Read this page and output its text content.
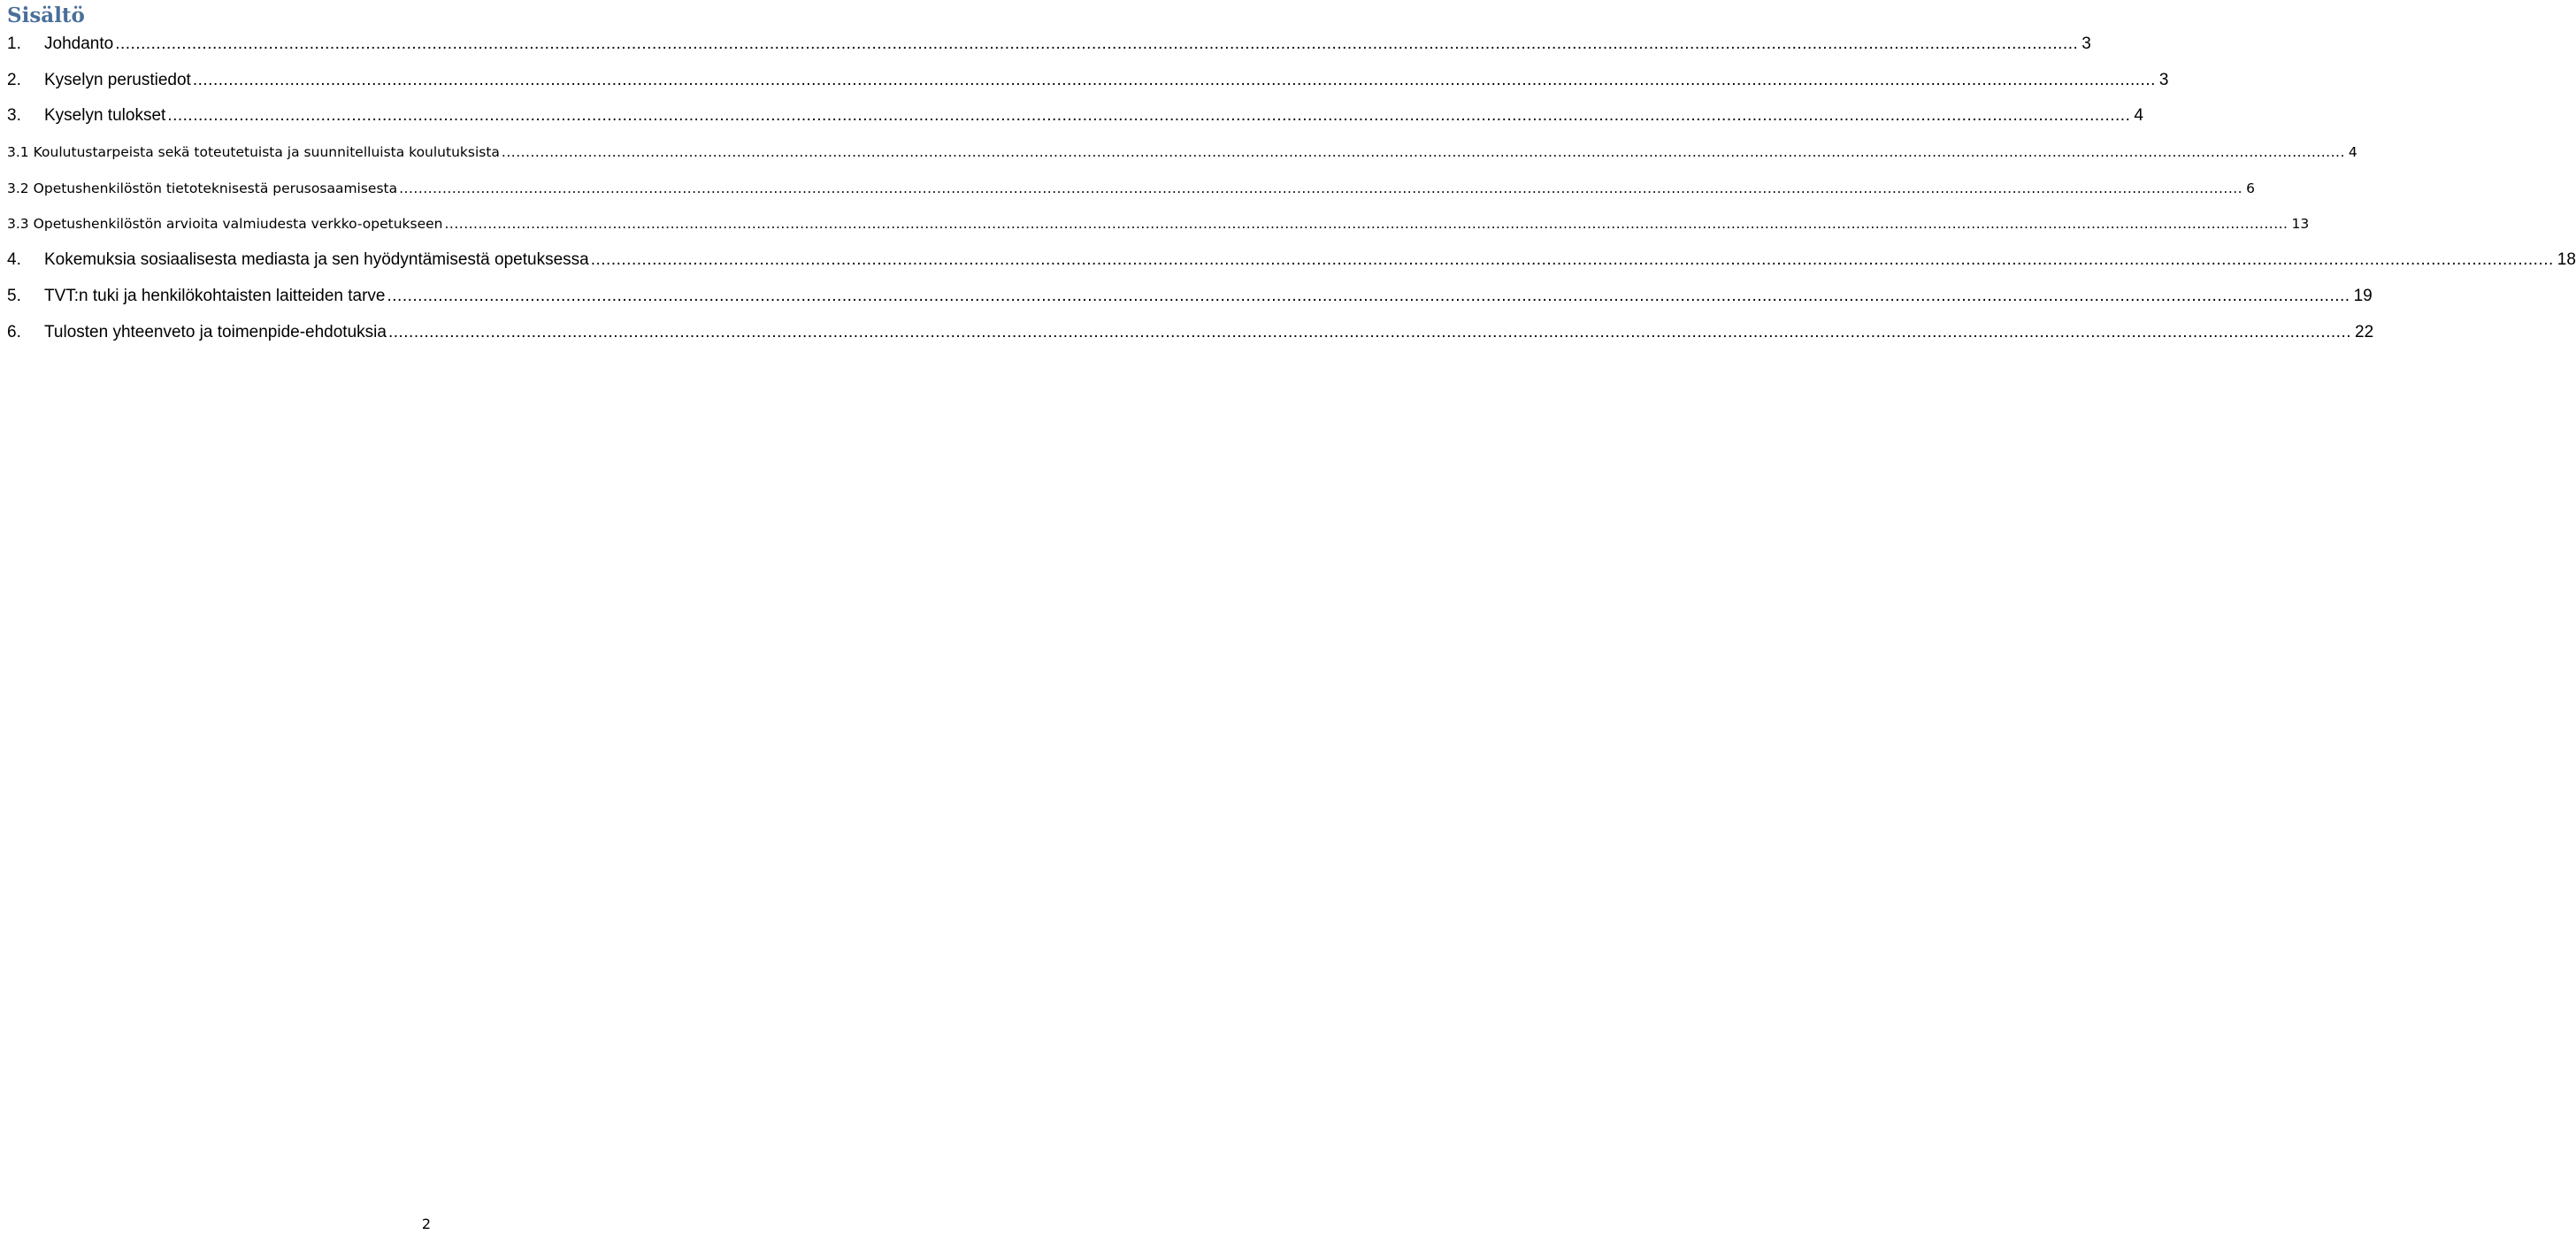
Sisältö
1.	Johdanto .....	3
2.	Kyselyn perustiedot .....	3
3.	Kyselyn tulokset .....	4
3.1 Koulutustarpeista sekä toteutetuista ja suunnitelluista koulutuksista .....	4
3.2 Opetushenkilöstön tietoteknisestä perusosaamisesta .....	6
3.3 Opetushenkilöstön arvioita valmiudesta verkko-opetukseen .....	13
4.	Kokemuksia sosiaalisesta mediasta ja sen hyödyntämisestä opetuksessa .....	18
5.	TVT:n tuki ja henkilökohtaisten laitteiden tarve .....	19
6.	Tulosten yhteenveto ja toimenpide-ehdotuksia .....	22
2
